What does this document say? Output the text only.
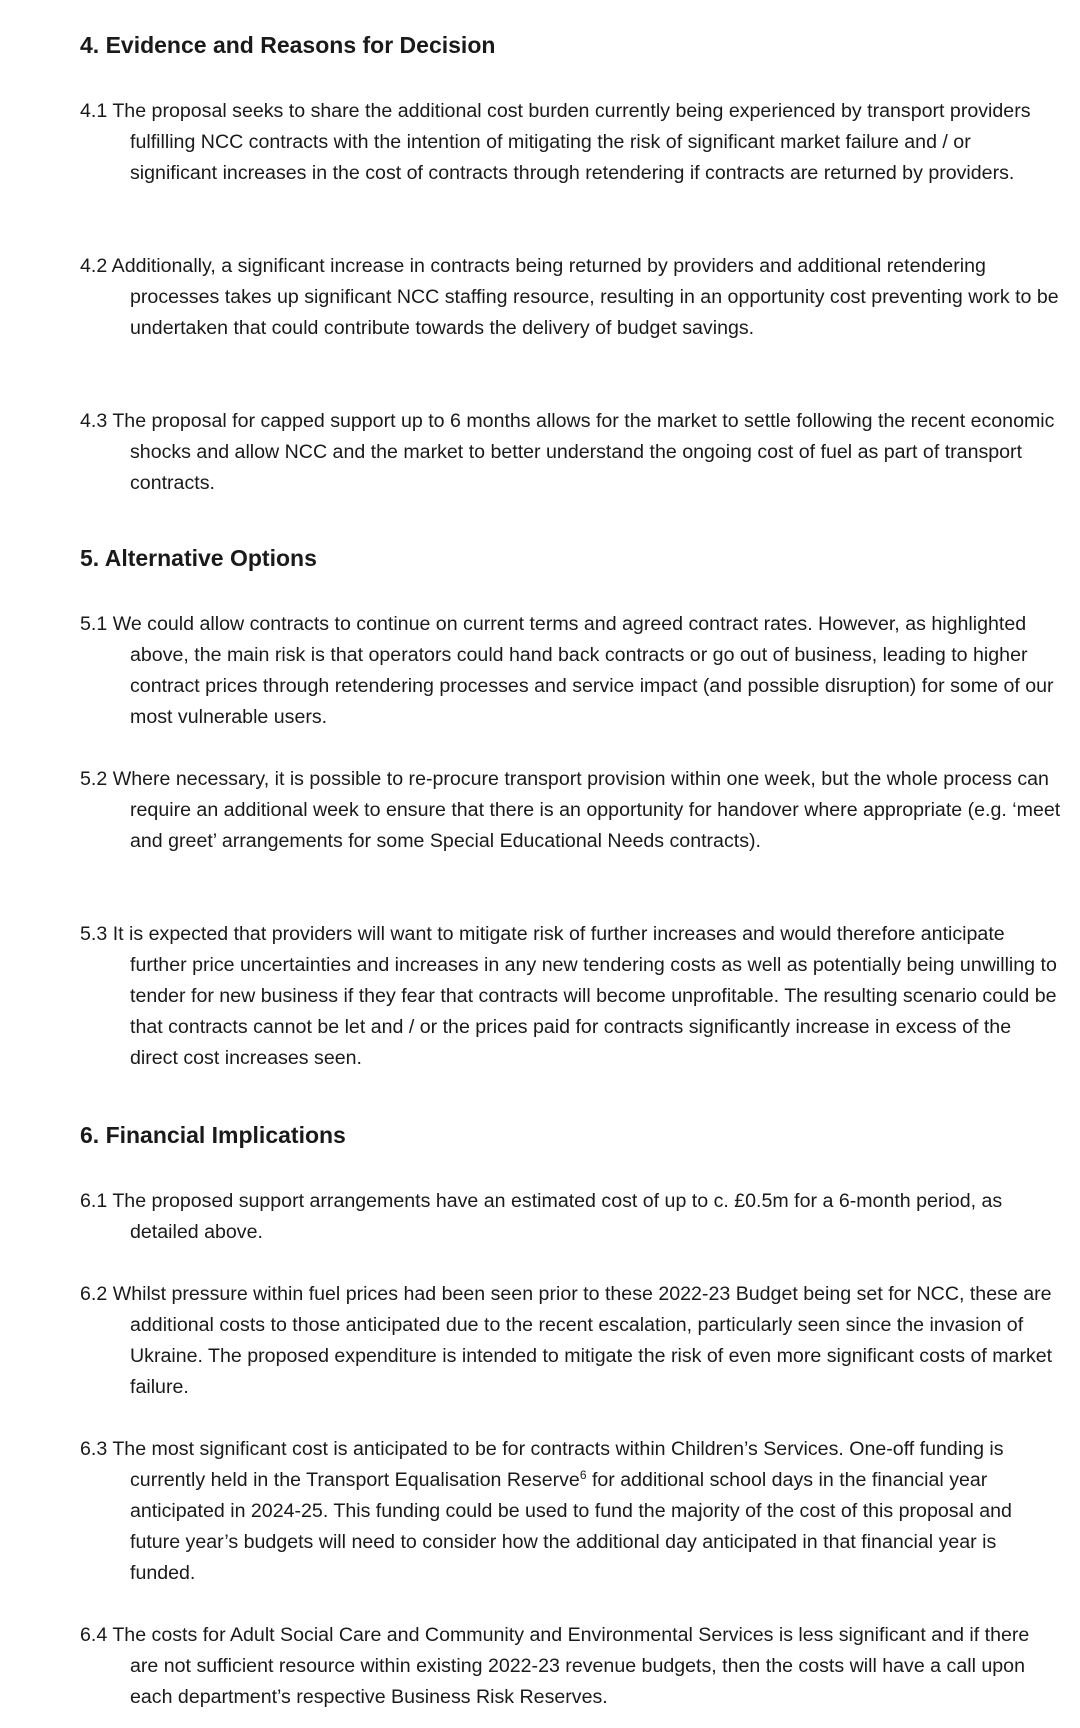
4. Evidence and Reasons for Decision

4.1 The proposal seeks to share the additional cost burden currently being experienced by transport providers fulfilling NCC contracts with the intention of mitigating the risk of significant market failure and / or significant increases in the cost of contracts through retendering if contracts are returned by providers.

4.2 Additionally, a significant increase in contracts being returned by providers and additional retendering processes takes up significant NCC staffing resource, resulting in an opportunity cost preventing work to be undertaken that could contribute towards the delivery of budget savings.

4.3 The proposal for capped support up to 6 months allows for the market to settle following the recent economic shocks and allow NCC and the market to better understand the ongoing cost of fuel as part of transport contracts.

5. Alternative Options

5.1 We could allow contracts to continue on current terms and agreed contract rates. However, as highlighted above, the main risk is that operators could hand back contracts or go out of business, leading to higher contract prices through retendering processes and service impact (and possible disruption) for some of our most vulnerable users.

5.2 Where necessary, it is possible to re-procure transport provision within one week, but the whole process can require an additional week to ensure that there is an opportunity for handover where appropriate (e.g. ‘meet and greet’ arrangements for some Special Educational Needs contracts).

5.3 It is expected that providers will want to mitigate risk of further increases and would therefore anticipate further price uncertainties and increases in any new tendering costs as well as potentially being unwilling to tender for new business if they fear that contracts will become unprofitable. The resulting scenario could be that contracts cannot be let and / or the prices paid for contracts significantly increase in excess of the direct cost increases seen.

6. Financial Implications

6.1 The proposed support arrangements have an estimated cost of up to c. £0.5m for a 6-month period, as detailed above.

6.2 Whilst pressure within fuel prices had been seen prior to these 2022-23 Budget being set for NCC, these are additional costs to those anticipated due to the recent escalation, particularly seen since the invasion of Ukraine. The proposed expenditure is intended to mitigate the risk of even more significant costs of market failure.

6.3 The most significant cost is anticipated to be for contracts within Children’s Services. One-off funding is currently held in the Transport Equalisation Reserve$^6$ for additional school days in the financial year anticipated in 2024-25. This funding could be used to fund the majority of the cost of this proposal and future year’s budgets will need to consider how the additional day anticipated in that financial year is funded.

6.4 The costs for Adult Social Care and Community and Environmental Services is less significant and if there are not sufficient resource within existing 2022-23 revenue budgets, then the costs will have a call upon each department’s respective Business Risk Reserves.
